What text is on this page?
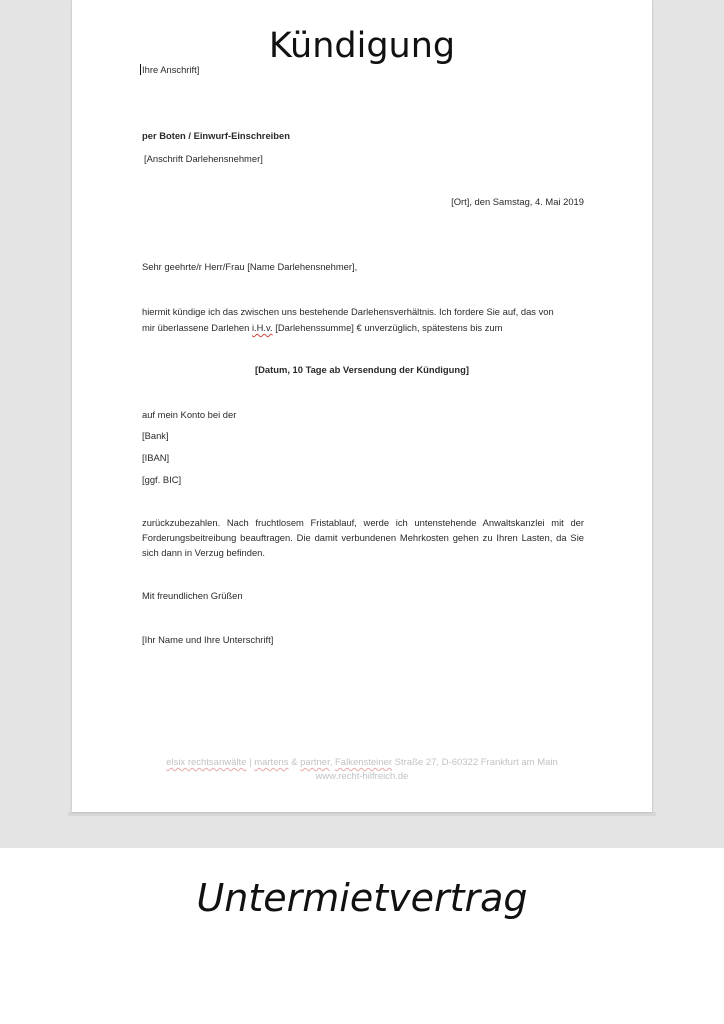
Ihre Anschrift]
per Boten / Einwurf-Einschreiben
[Anschrift Darlehensnehmer]
[Ort], den Samstag, 4. Mai 2019
Sehr geehrte/r Herr/Frau [Name Darlehensnehmer],
hiermit kündige ich das zwischen uns bestehende Darlehensverhältnis. Ich fordere Sie auf, das von
mir überlassene Darlehen i.H.v. [Darlehenssumme] € unverzüglich, spätestens bis zum
[Datum, 10 Tage ab Versendung der Kündigung]
auf mein Konto bei der
[Bank]
[IBAN]
[ggf. BIC]
zurückzubezahlen. Nach fruchtlosem Fristablauf, werde ich untenstehende Anwaltskanzlei mit der Forderungsbeitreibung beauftragen. Die damit verbundenen Mehrkosten gehen zu Ihren Lasten, da Sie sich dann in Verzug befinden.
Mit freundlichen Grüßen
[Ihr Name und Ihre Unterschrift]
elsix rechtsanwälte | martens & partner, Falkensteiner Straße 27, D-60322 Frankfurt am Main
www.recht-hilfreich.de
Kündigung
Untermietvertrag
